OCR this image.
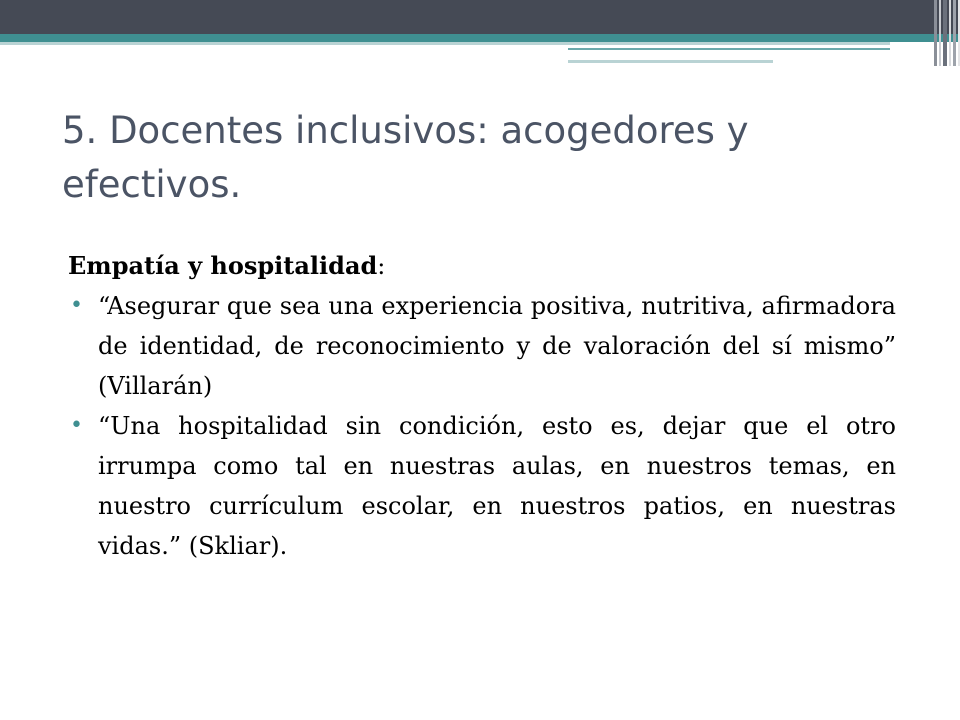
5. Docentes inclusivos: acogedores y efectivos.

Empatía y hospitalidad:

• “Asegurar que sea una experiencia positiva, nutritiva, afirmadora de identidad, de reconocimiento y de valoración del sí mismo” (Villarán)
• “Una hospitalidad sin condición, esto es, dejar que el otro irrumpa como tal en nuestras aulas, en nuestros temas, en nuestro currículum escolar, en nuestros patios, en nuestras vidas.” (Skliar).
